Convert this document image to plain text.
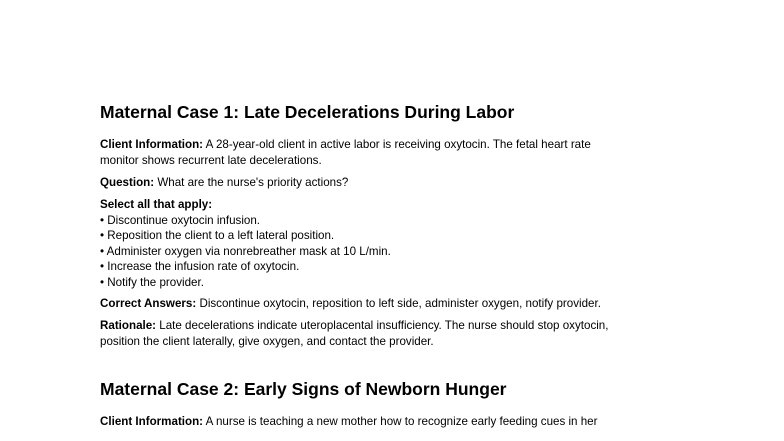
Maternal Case 1: Late Decelerations During Labor

Client Information: A 28-year-old client in active labor is receiving oxytocin. The fetal heart rate
monitor shows recurrent late decelerations.

Question: What are the nurse's priority actions?

Select all that apply:
• Discontinue oxytocin infusion.
• Reposition the client to a left lateral position.
• Administer oxygen via nonrebreather mask at 10 L/min.
• Increase the infusion rate of oxytocin.
• Notify the provider.

Correct Answers: Discontinue oxytocin, reposition to left side, administer oxygen, notify provider.

Rationale: Late decelerations indicate uteroplacental insufficiency. The nurse should stop oxytocin,
position the client laterally, give oxygen, and contact the provider.

Maternal Case 2: Early Signs of Newborn Hunger

Client Information: A nurse is teaching a new mother how to recognize early feeding cues in her
